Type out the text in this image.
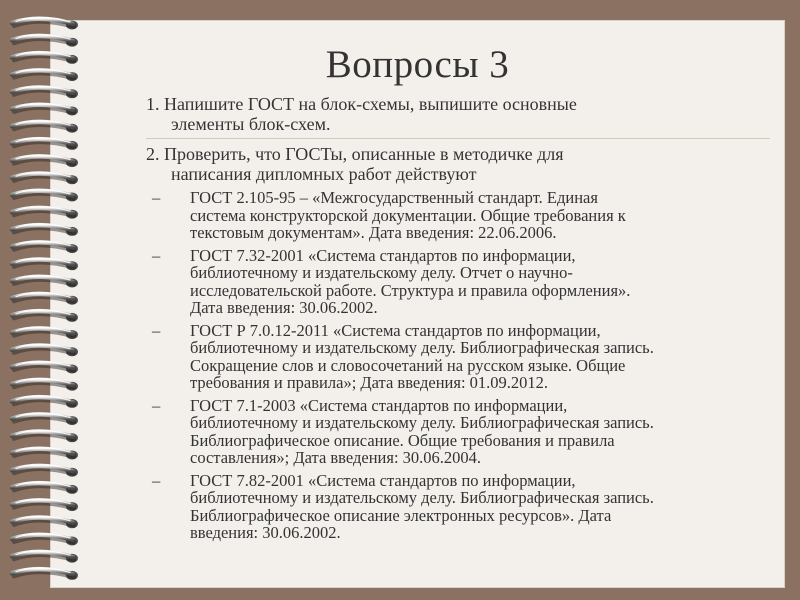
Вопросы 3

1. Напишите ГОСТ на блок-схемы, выпишите основные
элементы блок-схем.

2. Проверить, что ГОСТы, описанные в методичке для
написания дипломных работ действуют

–	ГОСТ 2.105-95 – «Межгосударственный стандарт. Единая
система конструкторской документации. Общие требования к
текстовым документам». Дата введения: 22.06.2006.
–	ГОСТ 7.32-2001 «Система стандартов по информации,
библиотечному и издательскому делу. Отчет о научно-
исследовательской работе. Структура и правила оформления».
Дата введения: 30.06.2002.
–	ГОСТ Р 7.0.12-2011 «Система стандартов по информации,
библиотечному и издательскому делу. Библиографическая запись.
Сокращение слов и словосочетаний на русском языке. Общие
требования и правила»; Дата введения: 01.09.2012.
–	ГОСТ 7.1-2003 «Система стандартов по информации,
библиотечному и издательскому делу. Библиографическая запись.
Библиографическое описание. Общие требования и правила
составления»; Дата введения: 30.06.2004.
–	ГОСТ 7.82-2001 «Система стандартов по информации,
библиотечному и издательскому делу. Библиографическая запись.
Библиографическое описание электронных ресурсов». Дата
введения: 30.06.2002.
